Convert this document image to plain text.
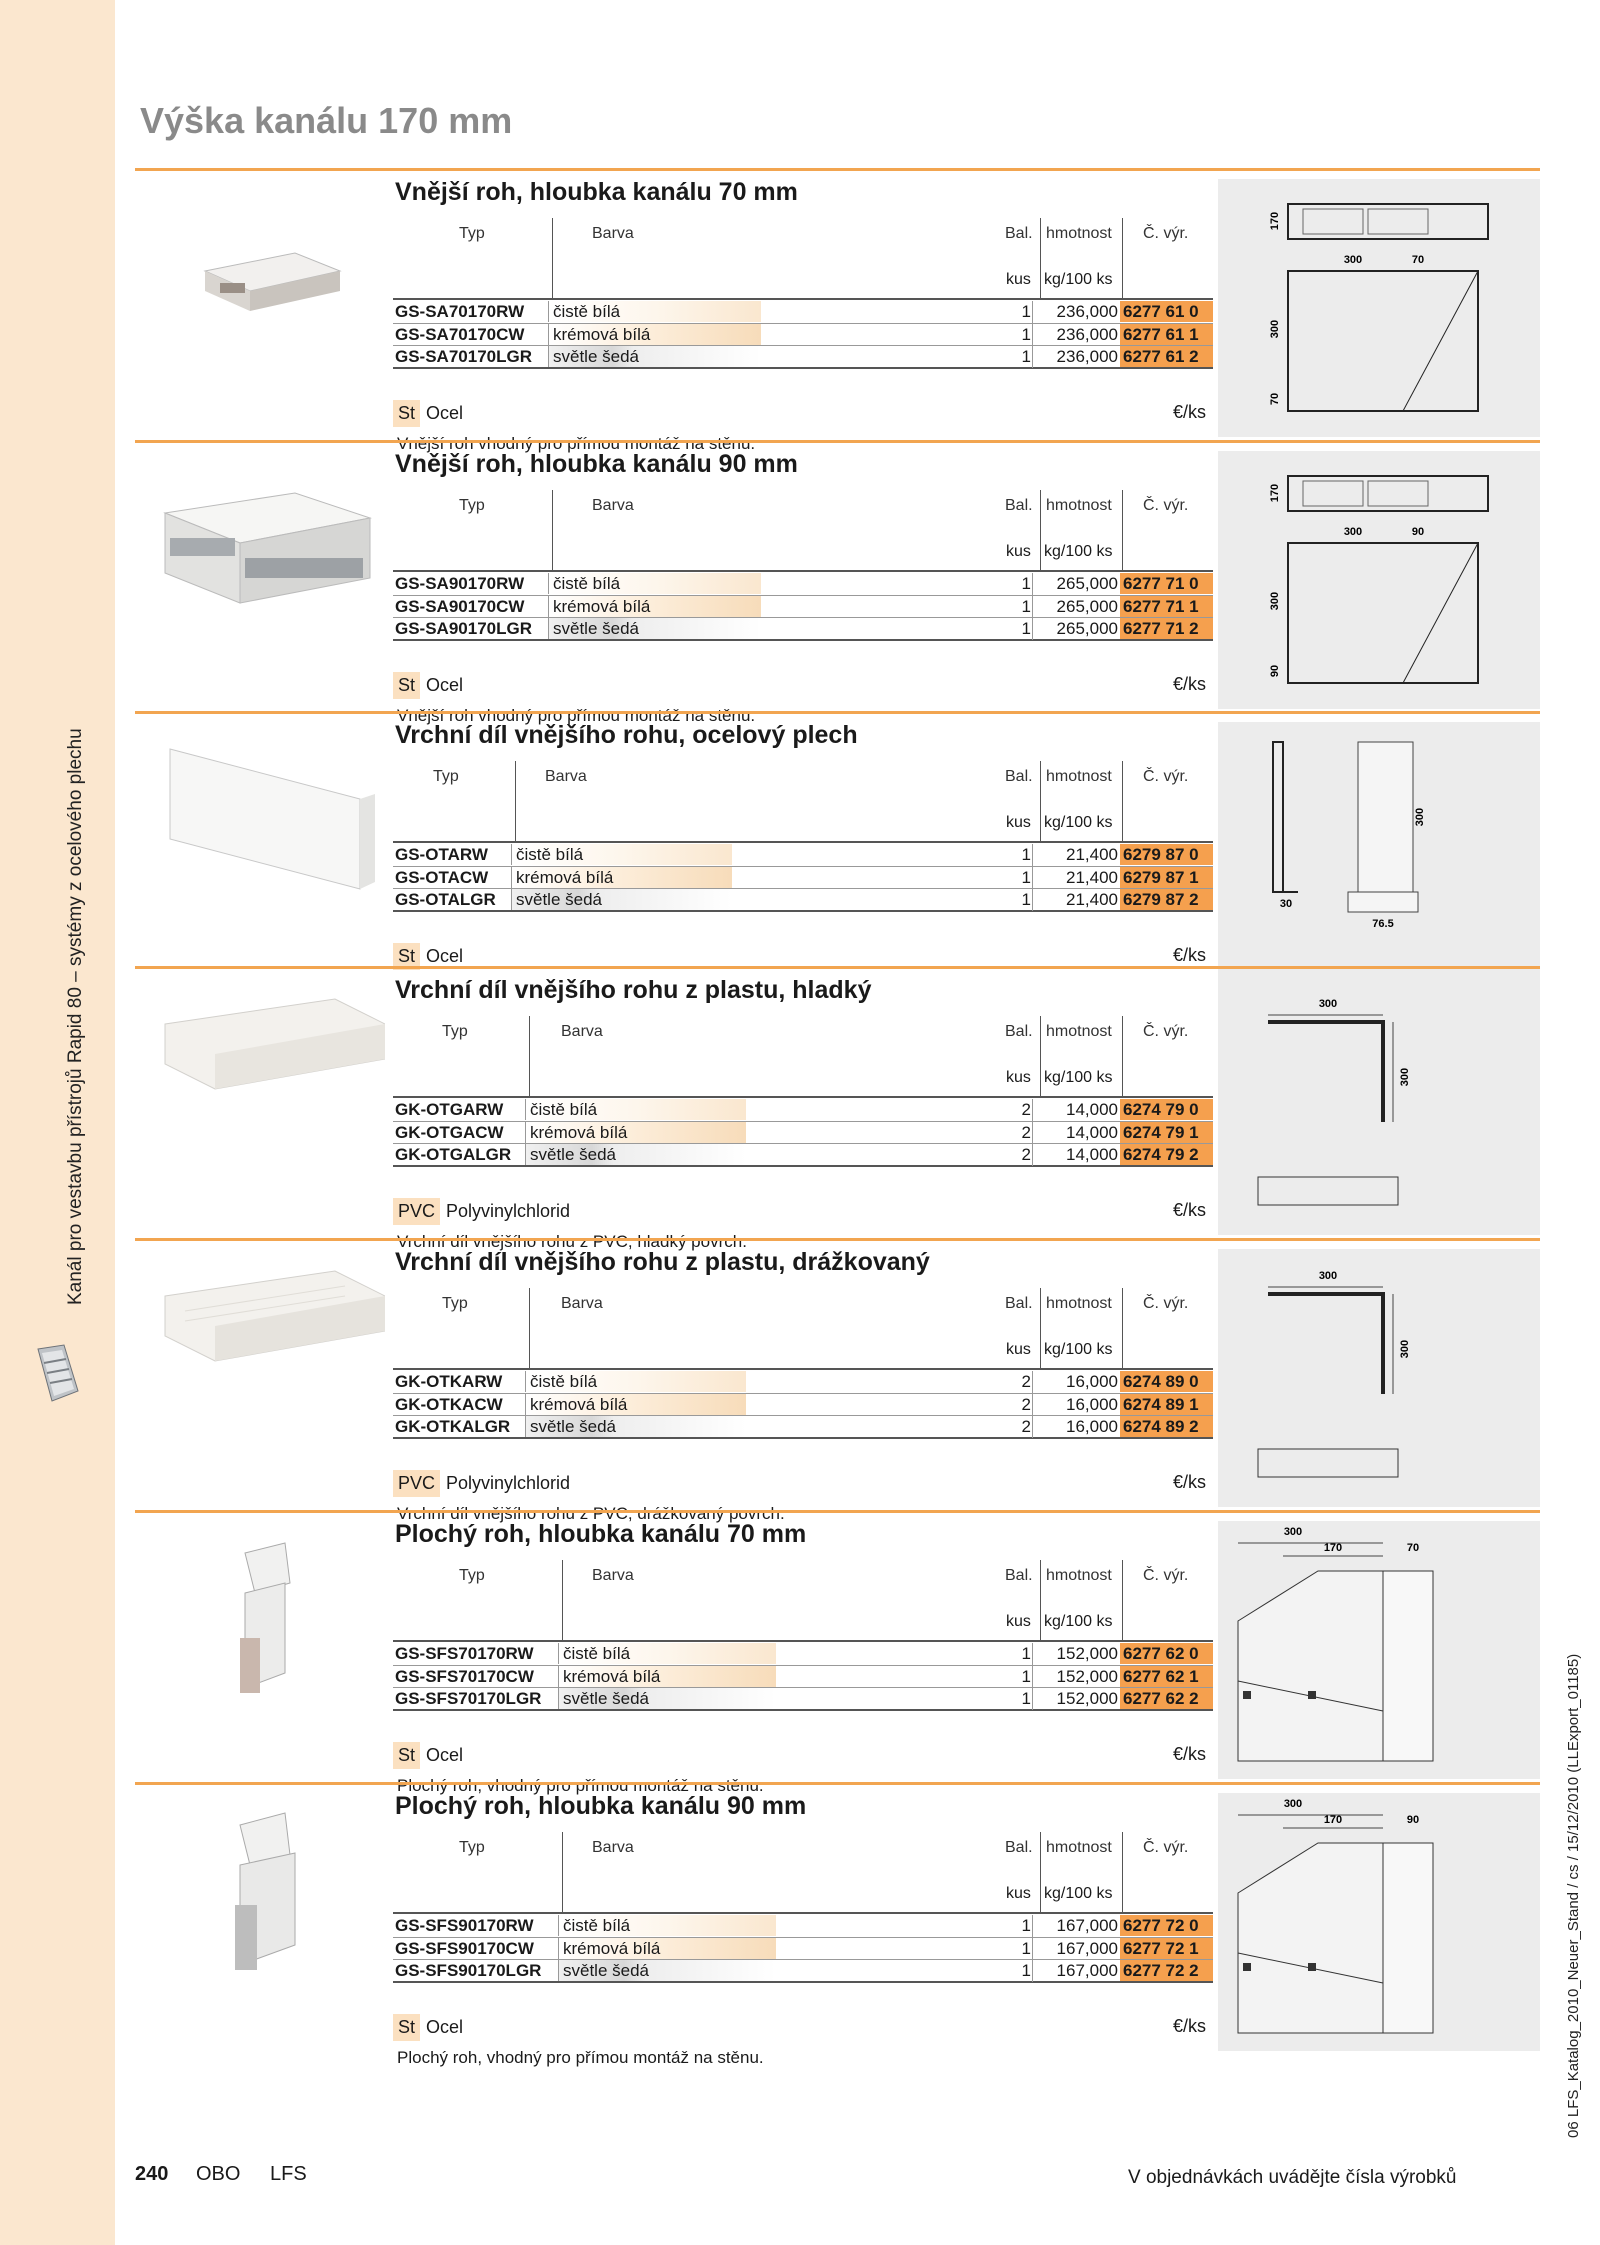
Kanál pro vestavbu přístrojů Rapid 80 – systémy z ocelového plechu
06 LFS_Katalog_2010_Neuer_Stand / cs / 15/12/2010 (LLExport_01185)
Výška kanálu 170 mm
Vnější roh, hloubka kanálu 70 mm
Typ	Barva	Bal. hmotnost Č. výr.
kus kg/100 ks
GS-SA70170RW čistě bílá	1 236,000 6277 61 0
GS-SA70170CW krémová bílá	1 236,000 6277 61 1
GS-SA70170LGR světle šedá	1 236,000 6277 61 2
St Ocel	€/ks
Vnější roh vhodný pro přímou montáž na stěnu.
170
300	70
300
70
Vnější roh, hloubka kanálu 90 mm
Typ	Barva	Bal. hmotnost Č. výr.
kus kg/100 ks
GS-SA90170RW čistě bílá	1 265,000 6277 71 0
GS-SA90170CW krémová bílá	1 265,000 6277 71 1
GS-SA90170LGR světle šedá	1 265,000 6277 71 2
St Ocel	€/ks
Vnější roh vhodný pro přímou montáž na stěnu.
170
300	90
300
90
Vrchní díl vnějšího rohu, ocelový plech
Typ	Barva	Bal. hmotnost Č. výr.
kus kg/100 ks
GS-OTARW čistě bílá	1 21,400 6279 87 0
GS-OTACW krémová bílá	1 21,400 6279 87 1
GS-OTALGR světle šedá	1 21,400 6279 87 2
St Ocel	€/ks
300
30
76.5
Vrchní díl vnějšího rohu z plastu, hladký
Typ	Barva	Bal. hmotnost Č. výr.
kus kg/100 ks
GK-OTGARW čistě bílá	2 14,000 6274 79 0
GK-OTGACW krémová bílá	2 14,000 6274 79 1
GK-OTGALGR světle šedá	2 14,000 6274 79 2
PVC Polyvinylchlorid	€/ks
Vrchní díl vnějšího rohu z PVC, hladký povrch.
300
300
Vrchní díl vnějšího rohu z plastu, drážkovaný
Typ	Barva	Bal. hmotnost Č. výr.
kus kg/100 ks
GK-OTKARW čistě bílá	2 16,000 6274 89 0
GK-OTKACW krémová bílá	2 16,000 6274 89 1
GK-OTKALGR světle šedá	2 16,000 6274 89 2
PVC Polyvinylchlorid	€/ks
Vrchní díl vnějšího rohu z PVC, drážkovaný povrch.
300
300
Plochý roh, hloubka kanálu 70 mm
Typ	Barva	Bal. hmotnost Č. výr.
kus kg/100 ks
GS-SFS70170RW čistě bílá	1 152,000 6277 62 0
GS-SFS70170CW krémová bílá	1 152,000 6277 62 1
GS-SFS70170LGR světle šedá	1 152,000 6277 62 2
St Ocel	€/ks
Plochý roh, vhodný pro přímou montáž na stěnu.
300
170	70
Plochý roh, hloubka kanálu 90 mm
Typ	Barva	Bal. hmotnost Č. výr.
kus kg/100 ks
GS-SFS90170RW čistě bílá	1 167,000 6277 72 0
GS-SFS90170CW krémová bílá	1 167,000 6277 72 1
GS-SFS90170LGR světle šedá	1 167,000 6277 72 2
St Ocel	€/ks
Plochý roh, vhodný pro přímou montáž na stěnu.
300
170	90
240 OBO LFS	V objednávkách uvádějte čísla výrobků
